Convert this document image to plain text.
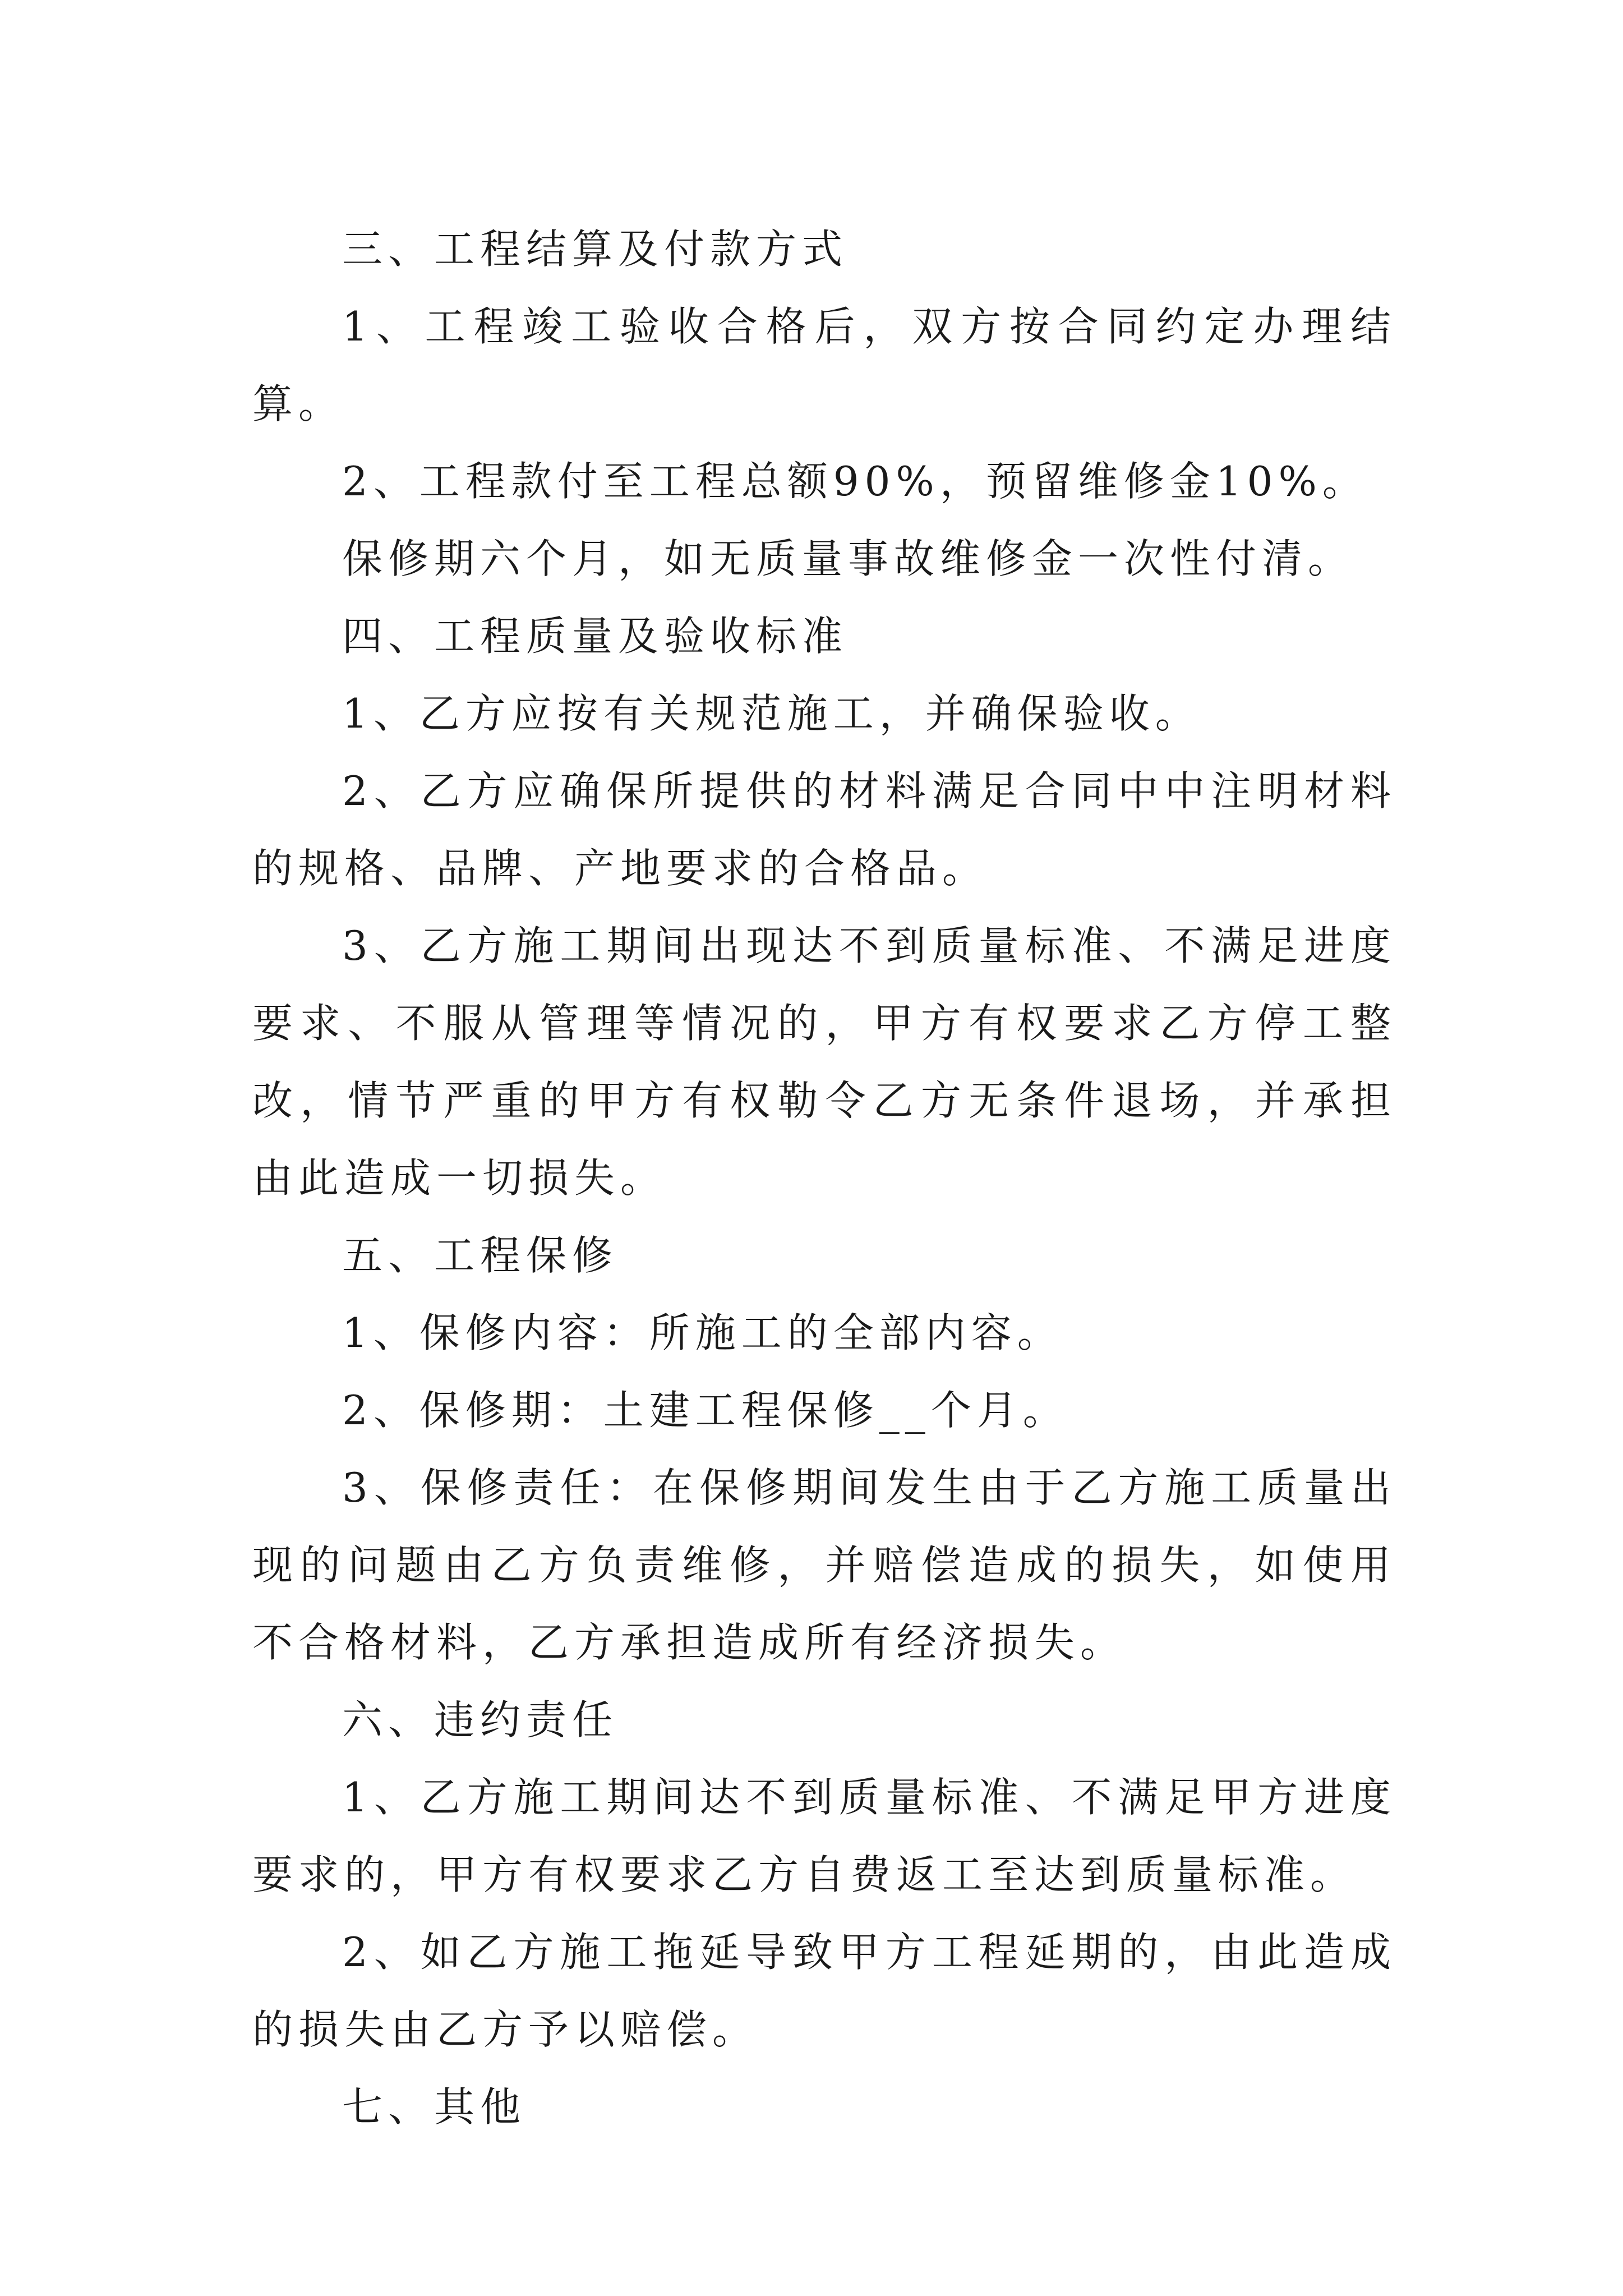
三、工程结算及付款方式

1、工程竣工验收合格后，双方按合同约定办理结算。

2、工程款付至工程总额90%，预留维修金10%。

保修期六个月，如无质量事故维修金一次性付清。

四、工程质量及验收标准

1、乙方应按有关规范施工，并确保验收。

2、乙方应确保所提供的材料满足合同中中注明材料的规格、品牌、产地要求的合格品。

3、乙方施工期间出现达不到质量标准、不满足进度要求、不服从管理等情况的，甲方有权要求乙方停工整改，情节严重的甲方有权勒令乙方无条件退场，并承担由此造成一切损失。

五、工程保修

1、保修内容：所施工的全部内容。

2、保修期：土建工程保修__个月。

3、保修责任：在保修期间发生由于乙方施工质量出现的问题由乙方负责维修，并赔偿造成的损失，如使用不合格材料，乙方承担造成所有经济损失。

六、违约责任

1、乙方施工期间达不到质量标准、不满足甲方进度要求的，甲方有权要求乙方自费返工至达到质量标准。

2、如乙方施工拖延导致甲方工程延期的，由此造成的损失由乙方予以赔偿。

七、其他
